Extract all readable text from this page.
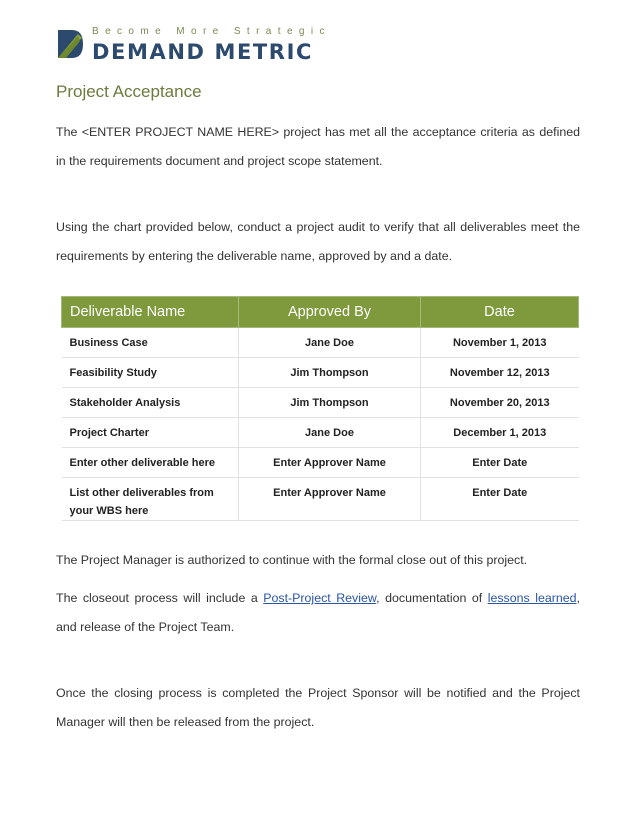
Become More Strategic
DEMAND METRIC
Project Acceptance

The <ENTER PROJECT NAME HERE> project has met all the acceptance criteria as defined in the requirements document and project scope statement.

Using the chart provided below, conduct a project audit to verify that all deliverables meet the requirements by entering the deliverable name, approved by and a date.

Deliverable Name	Approved By	Date
Business Case	Jane Doe	November 1, 2013
Feasibility Study	Jim Thompson	November 12, 2013
Stakeholder Analysis	Jim Thompson	November 20, 2013
Project Charter	Jane Doe	December 1, 2013
Enter other deliverable here	Enter Approver Name	Enter Date
List other deliverables from your WBS here	Enter Approver Name	Enter Date

The Project Manager is authorized to continue with the formal close out of this project.

The closeout process will include a Post-Project Review, documentation of lessons learned, and release of the Project Team.

Once the closing process is completed the Project Sponsor will be notified and the Project Manager will then be released from the project.
